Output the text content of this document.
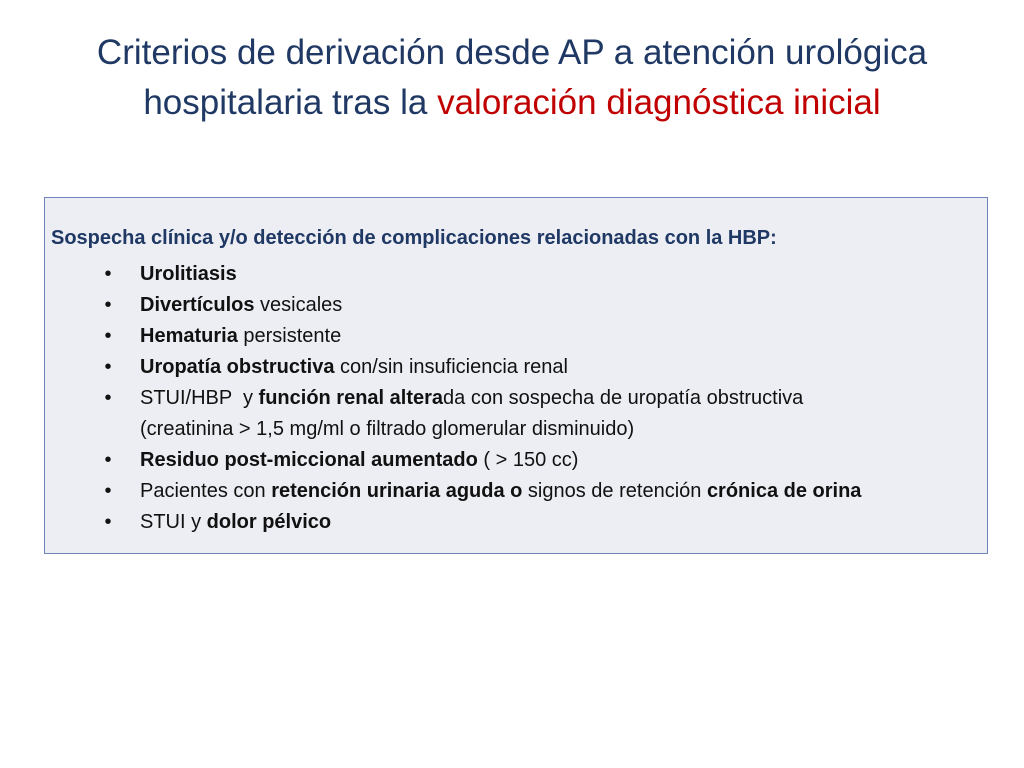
Criterios de derivación desde AP a atención urológica
hospitalaria tras la valoración diagnóstica inicial

Sospecha clínica y/o detección de complicaciones relacionadas con la HBP:

• Urolitiasis
• Divertículos vesicales
• Hematuria persistente
• Uropatía obstructiva con/sin insuficiencia renal
• STUI/HBP  y función renal alterada con sospecha de uropatía obstructiva
(creatinina > 1,5 mg/ml o filtrado glomerular disminuido)
• Residuo post-miccional aumentado ( > 150 cc)
• Pacientes con retención urinaria aguda o signos de retención crónica de orina
• STUI y dolor pélvico
